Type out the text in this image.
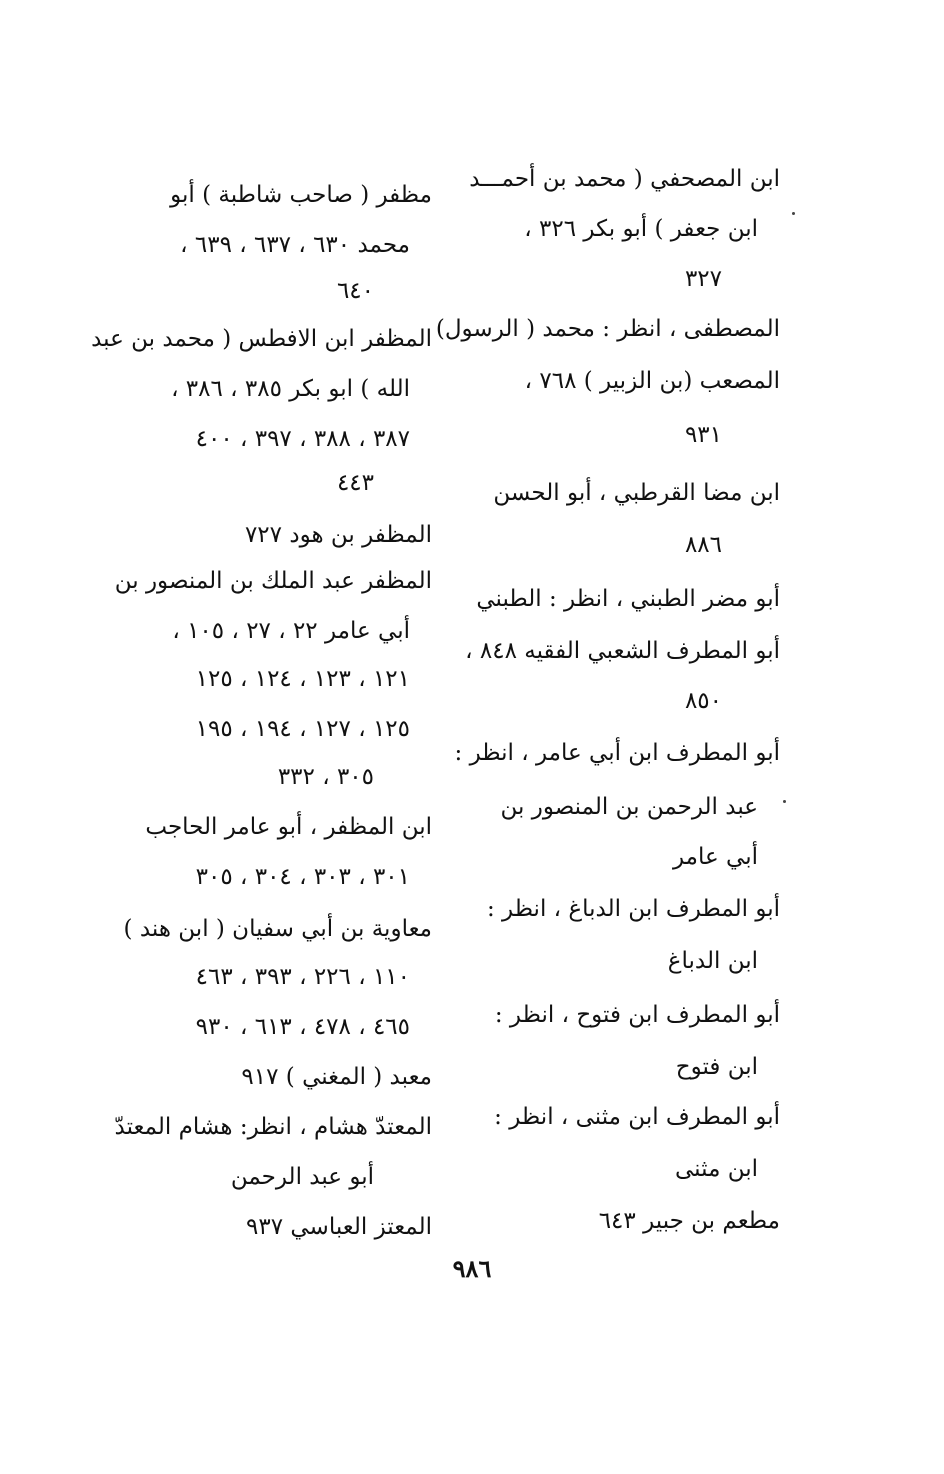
ابن المصحفي ( محمد بن أحمـــد
ابن جعفر ) أبو بكر ٣٢٦ ،
٣٢٧
المصطفى ، انظر : محمد ( الرسول)
المصعب (بن الزبير ) ٧٦٨ ،
٩٣١
ابن مضا القرطبي ، أبو الحسن
٨٨٦
أبو مضر الطبني ، انظر : الطبني
أبو المطرف الشعبي الفقيه ٨٤٨ ،
٨٥٠
أبو المطرف ابن أبي عامر ، انظر :
عبد الرحمن بن المنصور بن
أبي عامر
أبو المطرف ابن الدباغ ، انظر :
ابن الدباغ
أبو المطرف ابن فتوح ، انظر :
ابن فتوح
أبو المطرف ابن مثنى ، انظر :
ابن مثنى
مطعم بن جبير ٦٤٣
مظفر ( صاحب شاطبة ) أبو
محمد ٦٣٠ ، ٦٣٧ ، ٦٣٩ ،
٦٤٠
المظفر ابن الافطس ( محمد بن عبد
الله ) ابو بكر ٣٨٥ ، ٣٨٦ ،
٣٨٧ ، ٣٨٨ ، ٣٩٧ ، ٤٠٠
٤٤٣
المظفر بن هود ٧٢٧
المظفر عبد الملك بن المنصور بن
أبي عامر ٢٢ ، ٢٧ ، ١٠٥ ،
١٢١ ، ١٢٣ ، ١٢٤ ، ١٢٥
١٢٥ ، ١٢٧ ، ١٩٤ ، ١٩٥
٣٠٥ ، ٣٣٢
ابن المظفر ، أبو عامر الحاجب
٣٠١ ، ٣٠٣ ، ٣٠٤ ، ٣٠٥
معاوية بن أبي سفيان ( ابن هند )
١١٠ ، ٢٢٦ ، ٣٩٣ ، ٤٦٣
٤٦٥ ، ٤٧٨ ، ٦١٣ ، ٩٣٠
معبد ( المغني ) ٩١٧
المعتدّ هشام ، انظر: هشام المعتدّ
أبو عبد الرحمن
المعتز العباسي ٩٣٧
٩٨٦
